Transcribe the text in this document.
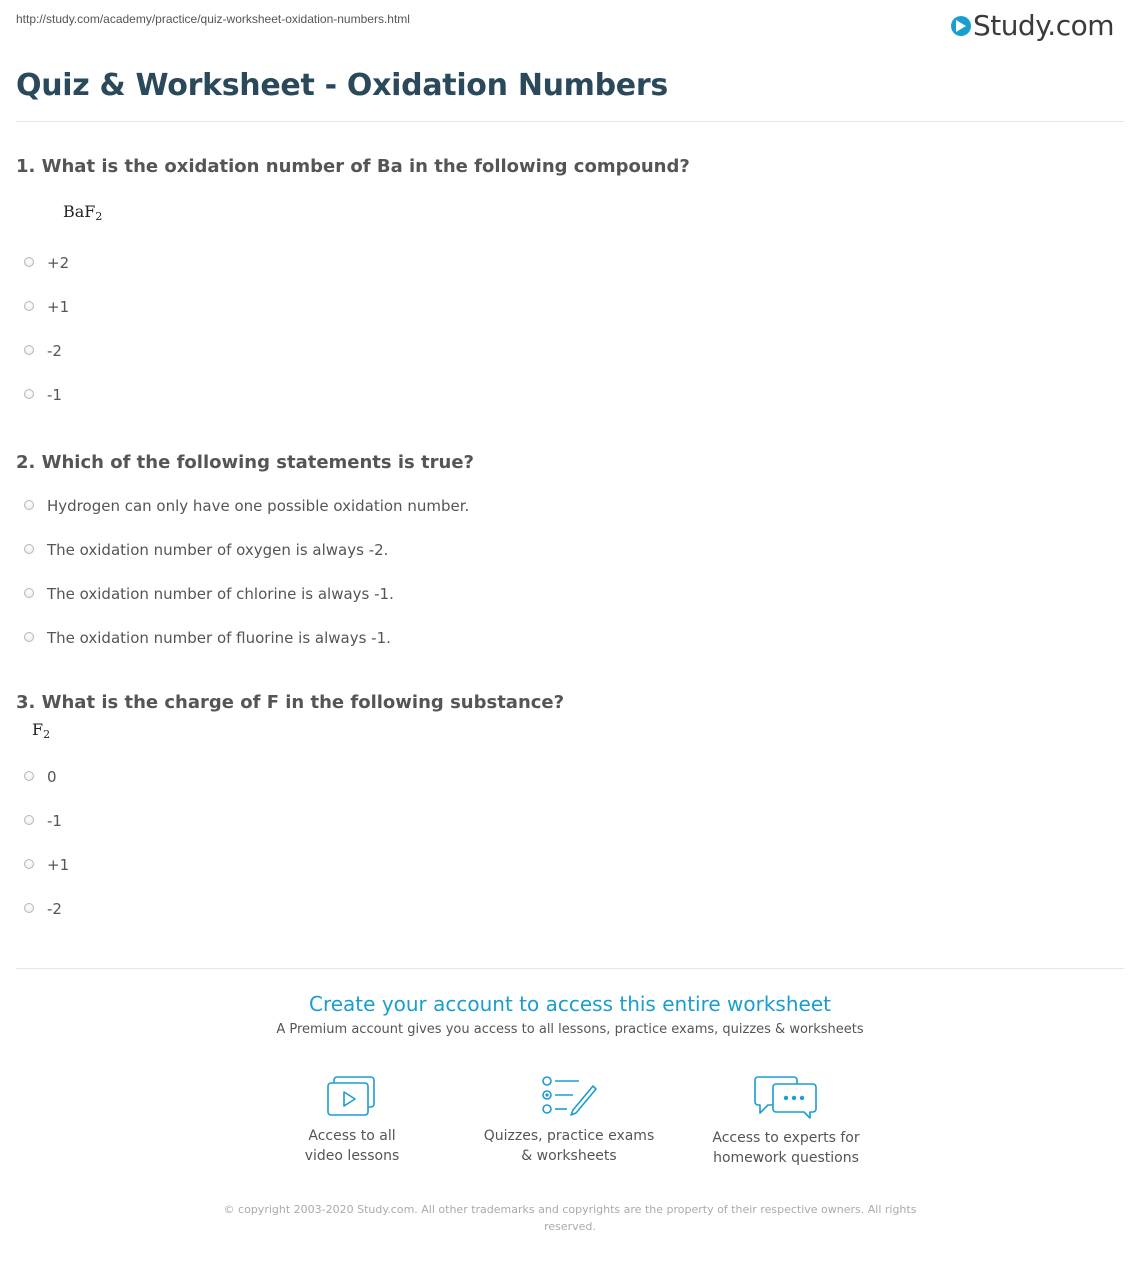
http://study.com/academy/practice/quiz-worksheet-oxidation-numbers.html	Study.com
Quiz & Worksheet - Oxidation Numbers
1. What is the oxidation number of Ba in the following compound?
BaF$_2$
+2
+1
-2
-1
2. Which of the following statements is true?
Hydrogen can only have one possible oxidation number.
The oxidation number of oxygen is always -2.
The oxidation number of chlorine is always -1.
The oxidation number of fluorine is always -1.
3. What is the charge of F in the following substance?
$F_2$
0
-1
+1
-2
Create your account to access this entire worksheet
A Premium account gives you access to all lessons, practice exams, quizzes & worksheets
Access to all
video lessons
Quizzes, practice exams
& worksheets
Access to experts for
homework questions
© copyright 2003-2020 Study.com. All other trademarks and copyrights are the property of their respective owners. All rights reserved.
